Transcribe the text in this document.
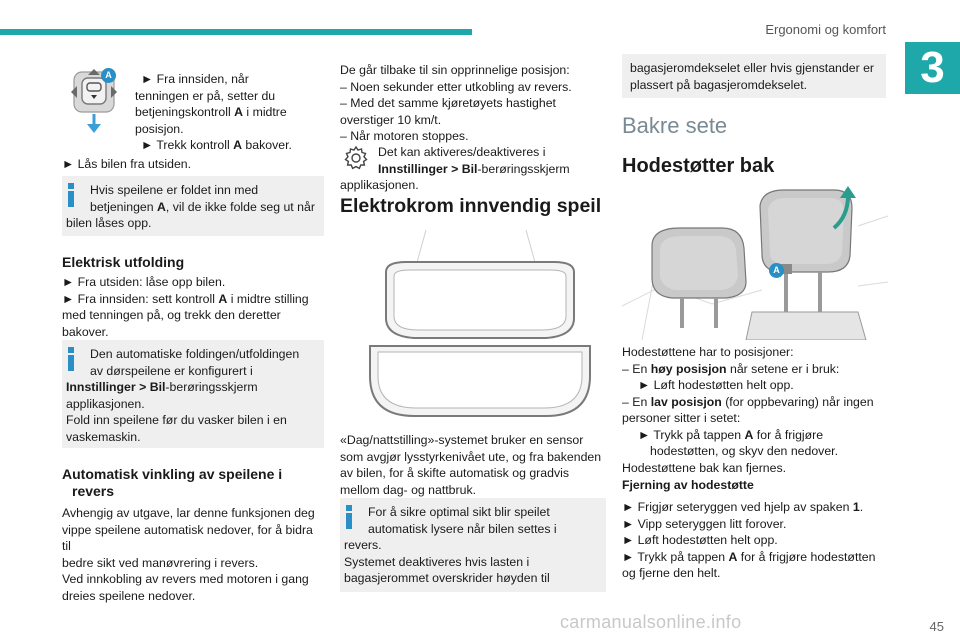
Ergonomi og komfort
3
A	► Fra innsiden, når
tenningen er på, setter du
betjeningskontroll A i midtre
posisjon.
► Trekk kontroll A bakover.
► Lås bilen fra utsiden.
Hvis speilene er foldet inn med
betjeningen A, vil de ikke folde seg ut når
bilen låses opp.
Elektrisk utfolding
► Fra utsiden: låse opp bilen.
► Fra innsiden: sett kontroll A i midtre stilling
med tenningen på, og trekk den deretter
bakover.
Den automatiske foldingen/utfoldingen
av dørspeilene er konfigurert i
Innstillinger > Bil-berøringsskjerm
applikasjonen.
Fold inn speilene før du vasker bilen i en
vaskemaskin.
Automatisk vinkling av speilene i
revers
Avhengig av utgave, lar denne funksjonen deg
vippe speilene automatisk nedover, for å bidra til
bedre sikt ved manøvrering i revers.
Ved innkobling av revers med motoren i gang
dreies speilene nedover.
De går tilbake til sin opprinnelige posisjon:
– Noen sekunder etter utkobling av revers.
– Med det samme kjøretøyets hastighet
overstiger 10 km/t.
– Når motoren stoppes.
Det kan aktiveres/deaktiveres i
Innstillinger > Bil-berøringsskjerm
applikasjonen.
Elektrokrom innvendig speil
«Dag/nattstilling»-systemet bruker en sensor
som avgjør lysstyrkenivået ute, og fra bakenden
av bilen, for å skifte automatisk og gradvis
mellom dag- og nattbruk.
For å sikre optimal sikt blir speilet
automatisk lysere når bilen settes i
revers.
Systemet deaktiveres hvis lasten i
bagasjerommet overskrider høyden til
bagasjeromdekselet eller hvis gjenstander er
plassert på bagasjeromdekselet.
Bakre sete
Hodestøtter bak
A
Hodestøttene har to posisjoner:
– En høy posisjon når setene er i bruk:
► Løft hodestøtten helt opp.
– En lav posisjon (for oppbevaring) når ingen
personer sitter i setet:
► Trykk på tappen A for å frigjøre
hodestøtten, og skyv den nedover.
Hodestøttene bak kan fjernes.
Fjerning av hodestøtte
► Frigjør seteryggen ved hjelp av spaken 1.
► Vipp seteryggen litt forover.
► Løft hodestøtten helt opp.
► Trykk på tappen A for å frigjøre hodestøtten
og fjerne den helt.
carmanualsonline.info	45
